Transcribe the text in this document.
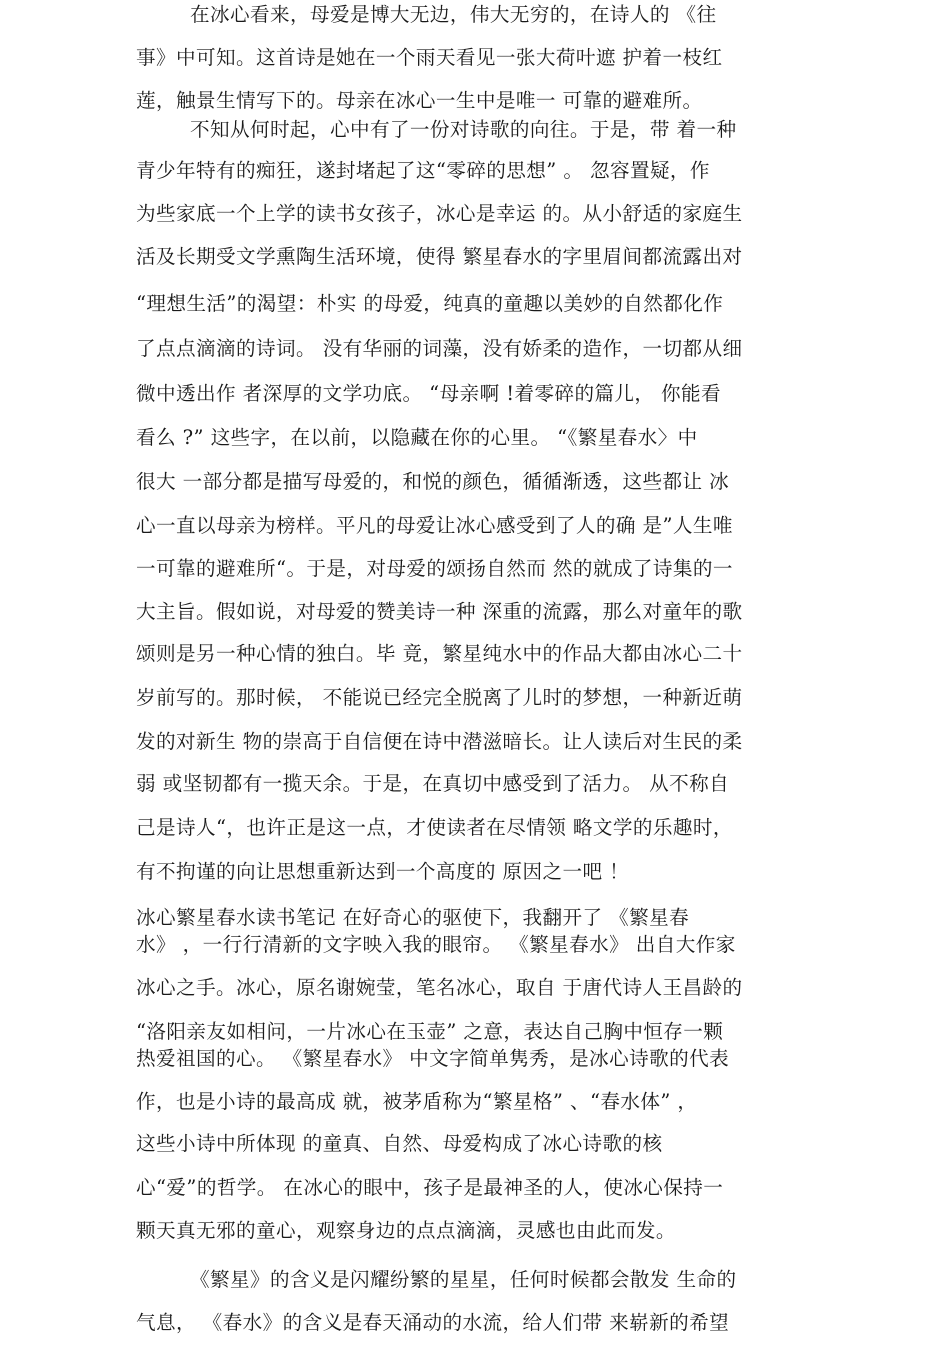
在冰心看来，母爱是博大无边，伟大无穷的，在诗人的 《往
事》中可知。这首诗是她在一个雨天看见一张大荷叶遮 护着一枝红
莲，触景生情写下的。母亲在冰心一生中是唯一 可靠的避难所。
不知从何时起，心中有了一份对诗歌的向往。于是，带 着一种
青少年特有的痴狂，遂封堵起了这“零碎的思想” 。 忽容置疑，作
为些家底一个上学的读书女孩子，冰心是幸运 的。从小舒适的家庭生
活及长期受文学熏陶生活环境，使得 繁星春水的字里眉间都流露出对
“理想生活”的渴望：朴实 的母爱，纯真的童趣以美妙的自然都化作
了点点滴滴的诗词。 没有华丽的词藻，没有娇柔的造作，一切都从细
微中透出作 者深厚的文学功底。 “母亲啊 !着零碎的篇儿， 你能看
看么 ?” 这些字，在以前，以隐藏在你的心里。 “《繁星春水〉中
很大 一部分都是描写母爱的，和悦的颜色，循循渐透，这些都让 冰
心一直以母亲为榜样。平凡的母爱让冰心感受到了人的确 是”人生唯
一可靠的避难所“。于是，对母爱的颂扬自然而 然的就成了诗集的一
大主旨。假如说，对母爱的赞美诗一种 深重的流露，那么对童年的歌
颂则是另一种心情的独白。毕 竟，繁星纯水中的作品大都由冰心二十
岁前写的。那时候， 不能说已经完全脱离了儿时的梦想，一种新近萌
发的对新生 物的崇高于自信便在诗中潜滋暗长。让人读后对生民的柔
弱 或坚韧都有一揽天余。于是，在真切中感受到了活力。 从不称自
己是诗人“，也许正是这一点，才使读者在尽情领 略文学的乐趣时，
有不拘谨的向让思想重新达到一个高度的 原因之一吧 ！
冰心繁星春水读书笔记 在好奇心的驱使下，我翻开了 《繁星春
水》 ，一行行清新的文字映入我的眼帘。 《繁星春水》 出自大作家
冰心之手。冰心，原名谢婉莹，笔名冰心，取自 于唐代诗人王昌龄的
“洛阳亲友如相问，一片冰心在玉壶” 之意，表达自己胸中恒存一颗
热爱祖国的心。 《繁星春水》 中文字简单隽秀，是冰心诗歌的代表
作，也是小诗的最高成 就，被茅盾称为“繁星格” 、“春水体” ，
这些小诗中所体现 的童真、自然、母爱构成了冰心诗歌的核
心“爱”的哲学。 在冰心的眼中，孩子是最神圣的人，使冰心保持一
颗天真无邪的童心，观察身边的点点滴滴，灵感也由此而发。
《繁星》的含义是闪耀纷繁的星星，任何时候都会散发 生命的
气息， 《春水》的含义是春天涌动的水流，给人们带 来崭新的希望
